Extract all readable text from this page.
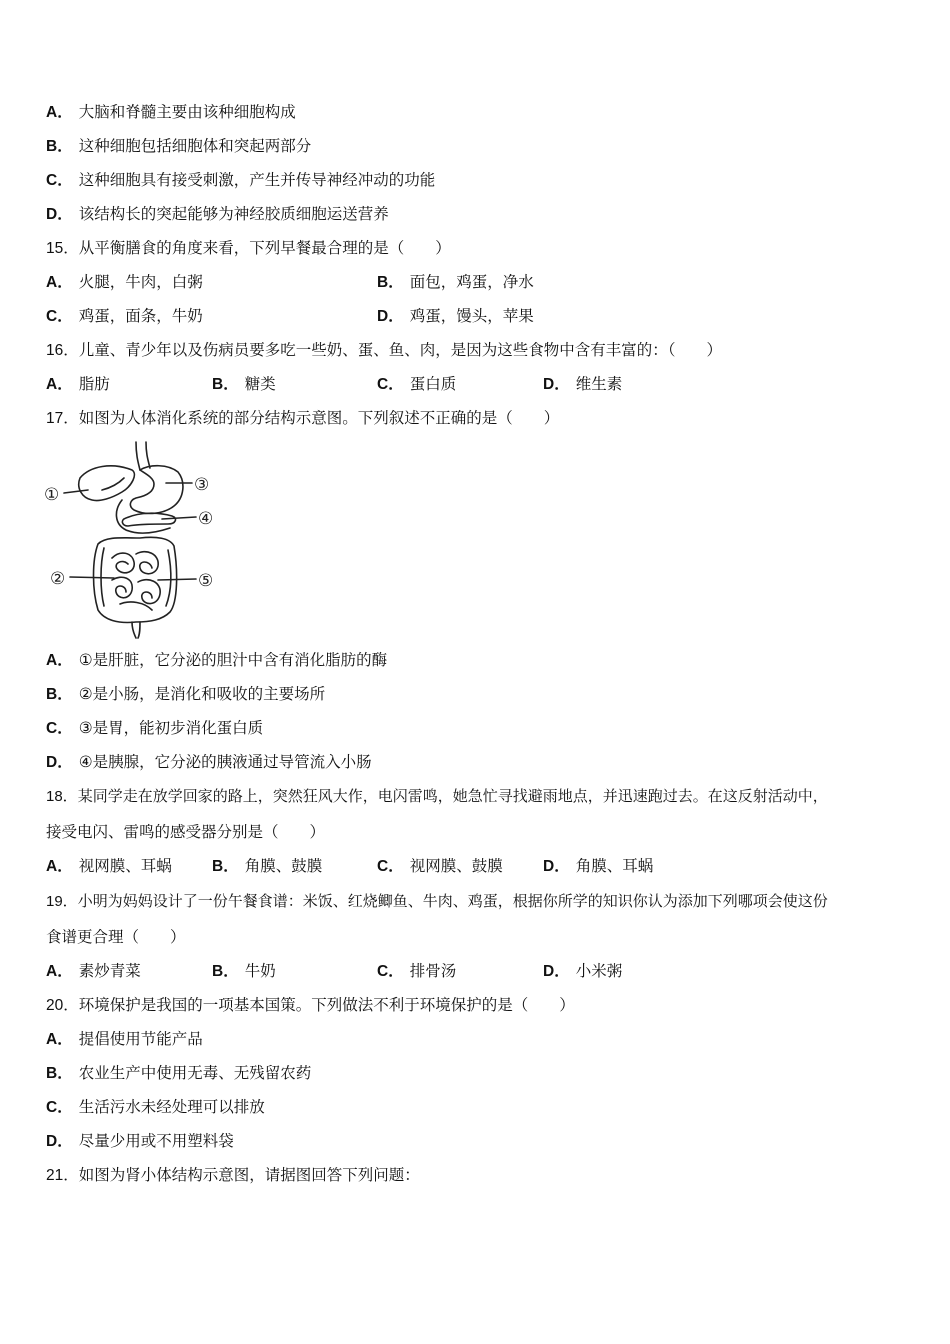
A． 大脑和脊髓主要由该种细胞构成
B． 这种细胞包括细胞体和突起两部分
C． 这种细胞具有接受刺激，产生并传导神经冲动的功能
D． 该结构长的突起能够为神经胶质细胞运送营养
15．从平衡膳食的角度来看，下列早餐最合理的是（　　）
A． 火腿，牛肉，白粥	B． 面包，鸡蛋，净水
C． 鸡蛋，面条，牛奶	D． 鸡蛋，馒头，苹果
16．儿童、青少年以及伤病员要多吃一些奶、蛋、鱼、肉，是因为这些食物中含有丰富的：（　　）
A． 脂肪	B． 糖类	C． 蛋白质	D． 维生素
17．如图为人体消化系统的部分结构示意图。下列叙述不正确的是（　　）
①
②
③
④
⑤
A． ①是肝脏，它分泌的胆汁中含有消化脂肪的酶
B． ②是小肠，是消化和吸收的主要场所
C． ③是胃，能初步消化蛋白质
D． ④是胰腺，它分泌的胰液通过导管流入小肠
18．某同学走在放学回家的路上，突然狂风大作，电闪雷鸣，她急忙寻找避雨地点，并迅速跑过去。在这反射活动中，
接受电闪、雷鸣的感受器分别是（　　）
A． 视网膜、耳蜗	B． 角膜、鼓膜	C． 视网膜、鼓膜	D． 角膜、耳蜗
19．小明为妈妈设计了一份午餐食谱：米饭、红烧鲫鱼、牛肉、鸡蛋，根据你所学的知识你认为添加下列哪项会使这份
食谱更合理（　　）
A． 素炒青菜	B． 牛奶	C． 排骨汤	D． 小米粥
20．环境保护是我国的一项基本国策。下列做法不利于环境保护的是（　　）
A． 提倡使用节能产品
B． 农业生产中使用无毒、无残留农药
C． 生活污水未经处理可以排放
D． 尽量少用或不用塑料袋
21．如图为肾小体结构示意图，请据图回答下列问题：
